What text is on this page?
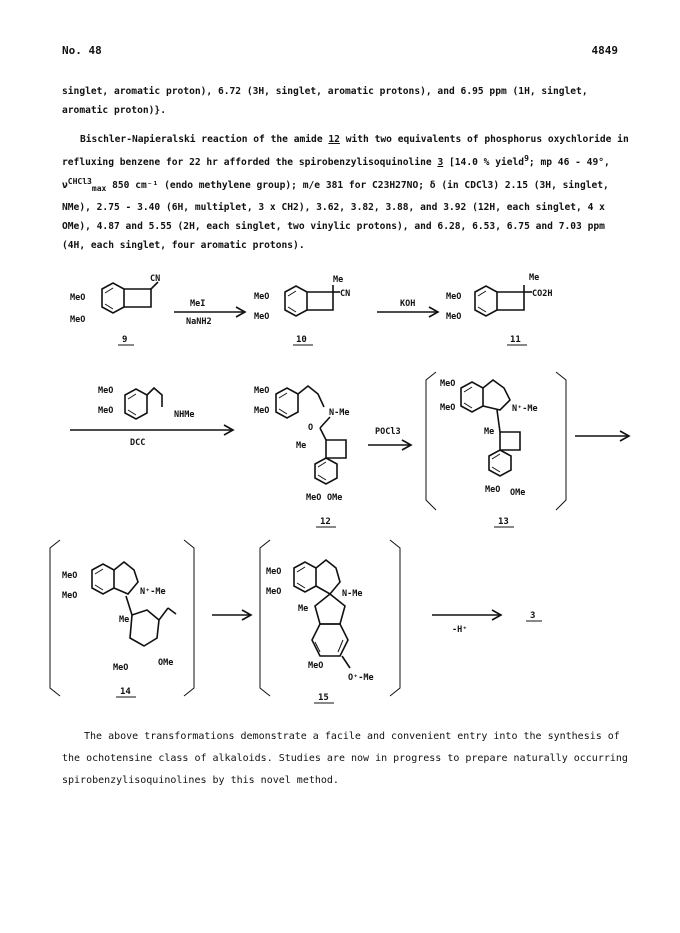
No. 48	4849

singlet, aromatic proton), 6.72 (3H, singlet, aromatic protons), and 6.95 ppm (1H, singlet, aromatic proton)}.

Bischler-Napieralski reaction of the amide 12 with two equivalents of phosphorus oxychloride in refluxing benzene for 22 hr afforded the spirobenzylisoquinoline 3 [14.0 % yield$^9$; mp 46 - 49°, $\nu^{CHCl3}_{max}$ 850 cm⁻¹ (endo methylene group); m/e 381 for C23H27NO; δ (in CDCl3) 2.15 (3H, singlet, NMe), 2.75 - 3.40 (6H, multiplet, 3 x CH2), 3.62, 3.82, 3.88, and 3.92 (12H, each singlet, 4 x OMe), 4.87 and 5.55 (2H, each singlet, two vinylic protons), and 6.28, 6.53, 6.75 and 7.03 ppm (4H, each singlet, four aromatic protons).

CN
MeO
MeO
9
MeI
NaNH2
Me
CN
MeO
MeO
10
KOH
Me
CO2H
MeO
MeO
11
MeO
MeO	NHMe
DCC
MeO
MeO	N-Me
O
Me
MeO OMe
12
POCl3
MeO
MeO	N⁺-Me
Me
MeO OMe
13
MeO
MeO	N⁺-Me
Me
MeO	OMe
14
MeO
MeO	N-Me
Me
MeO
O⁺-Me
15
-H⁺
3

The above transformations demonstrate a facile and convenient entry into the synthesis of the ochotensine class of alkaloids. Studies are now in progress to prepare naturally occurring spirobenzylisoquinolines by this novel method.
